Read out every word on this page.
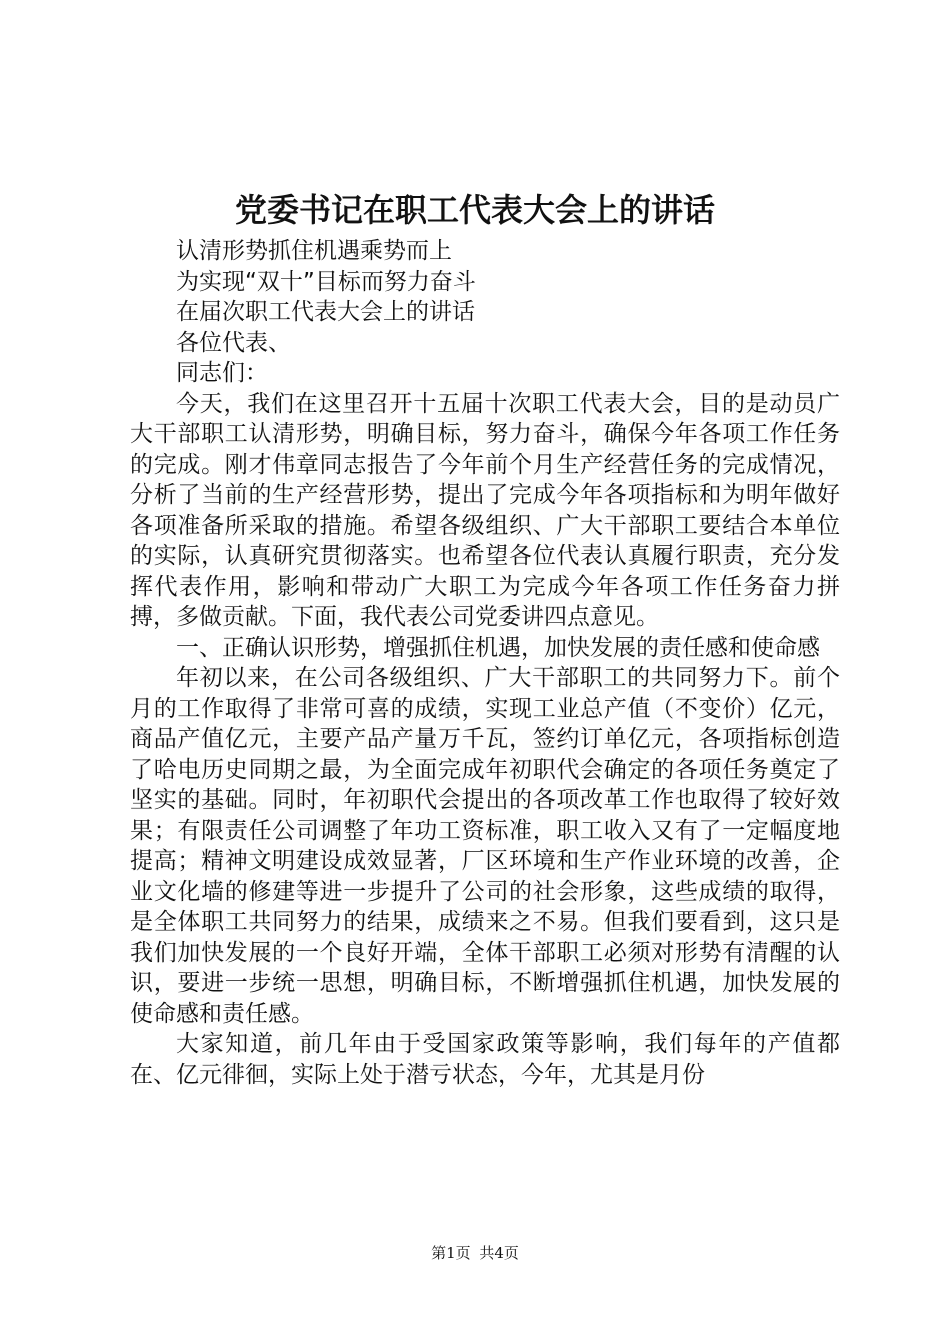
党委书记在职工代表大会上的讲话

认清形势抓住机遇乘势而上

为实现“双十”目标而努力奋斗

在届次职工代表大会上的讲话

各位代表、

同志们：

今天，我们在这里召开十五届十次职工代表大会，目的是动员广大干部职工认清形势，明确目标，努力奋斗，确保今年各项工作任务的完成。刚才伟章同志报告了今年前个月生产经营任务的完成情况，分析了当前的生产经营形势，提出了完成今年各项指标和为明年做好各项准备所采取的措施。希望各级组织、广大干部职工要结合本单位的实际，认真研究贯彻落实。也希望各位代表认真履行职责，充分发挥代表作用，影响和带动广大职工为完成今年各项工作任务奋力拼搏，多做贡献。下面，我代表公司党委讲四点意见。

一、正确认识形势，增强抓住机遇，加快发展的责任感和使命感

年初以来，在公司各级组织、广大干部职工的共同努力下。前个月的工作取得了非常可喜的成绩，实现工业总产值（不变价）亿元，商品产值亿元，主要产品产量万千瓦，签约订单亿元，各项指标创造了哈电历史同期之最，为全面完成年初职代会确定的各项任务奠定了坚实的基础。同时，年初职代会提出的各项改革工作也取得了较好效果；有限责任公司调整了年功工资标准，职工收入又有了一定幅度地提高；精神文明建设成效显著，厂区环境和生产作业环境的改善，企业文化墙的修建等进一步提升了公司的社会形象，这些成绩的取得，是全体职工共同努力的结果，成绩来之不易。但我们要看到，这只是我们加快发展的一个良好开端，全体干部职工必须对形势有清醒的认识，要进一步统一思想，明确目标，不断增强抓住机遇，加快发展的使命感和责任感。

大家知道，前几年由于受国家政策等影响，我们每年的产值都在、亿元徘徊，实际上处于潜亏状态，今年，尤其是月份

第1页 共4页
